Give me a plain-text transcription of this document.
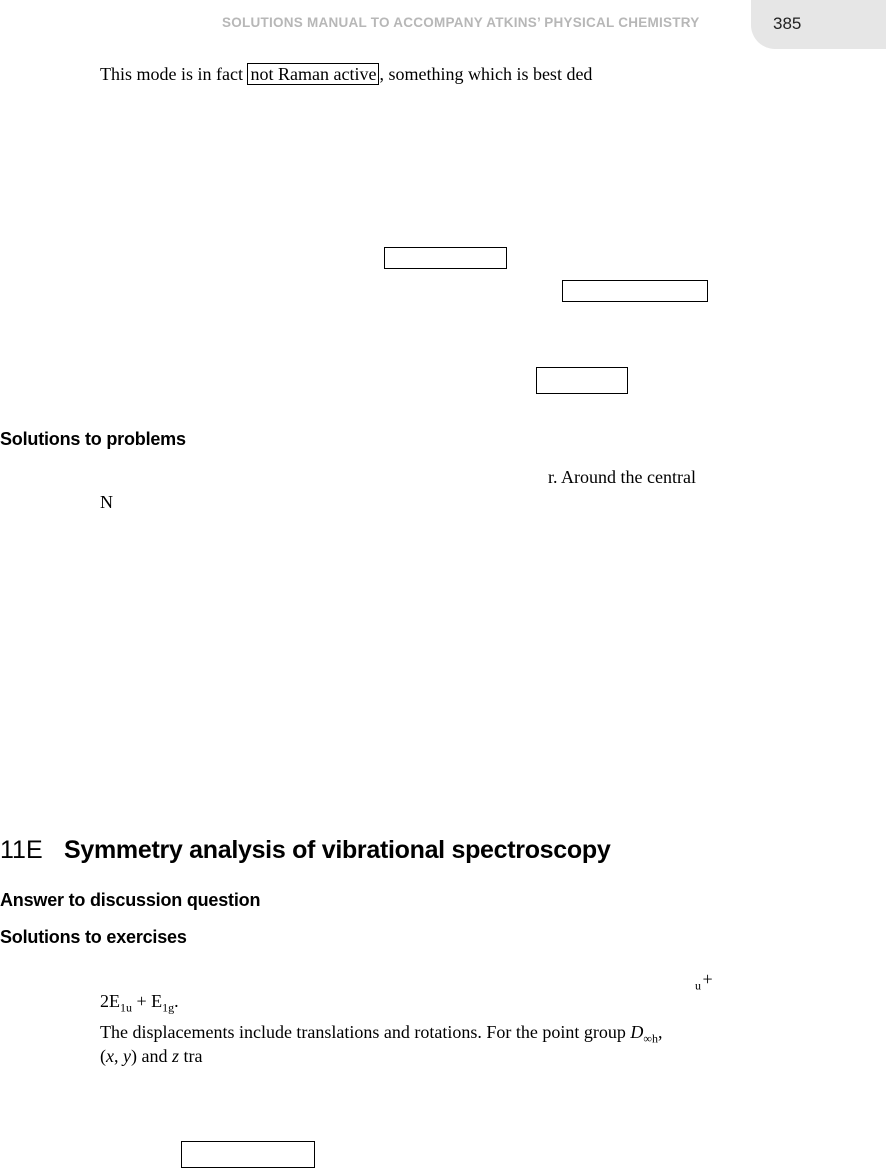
SOLUTIONS MANUAL TO ACCOMPANY ATKINS’ PHYSICAL CHEMISTRY	385
This mode is in fact not Raman active , something which is best ded
Solutions to problems
r. Around the central
N
11E Symmetry analysis of vibrational spectroscopy
Answer to discussion question
Solutions to exercises
$_u$ +
$2E_{1u} + E_{1g}$.
The displacements include translations and rotations. For the point group $D_{\infty h}$,
(x, y) and z tra
